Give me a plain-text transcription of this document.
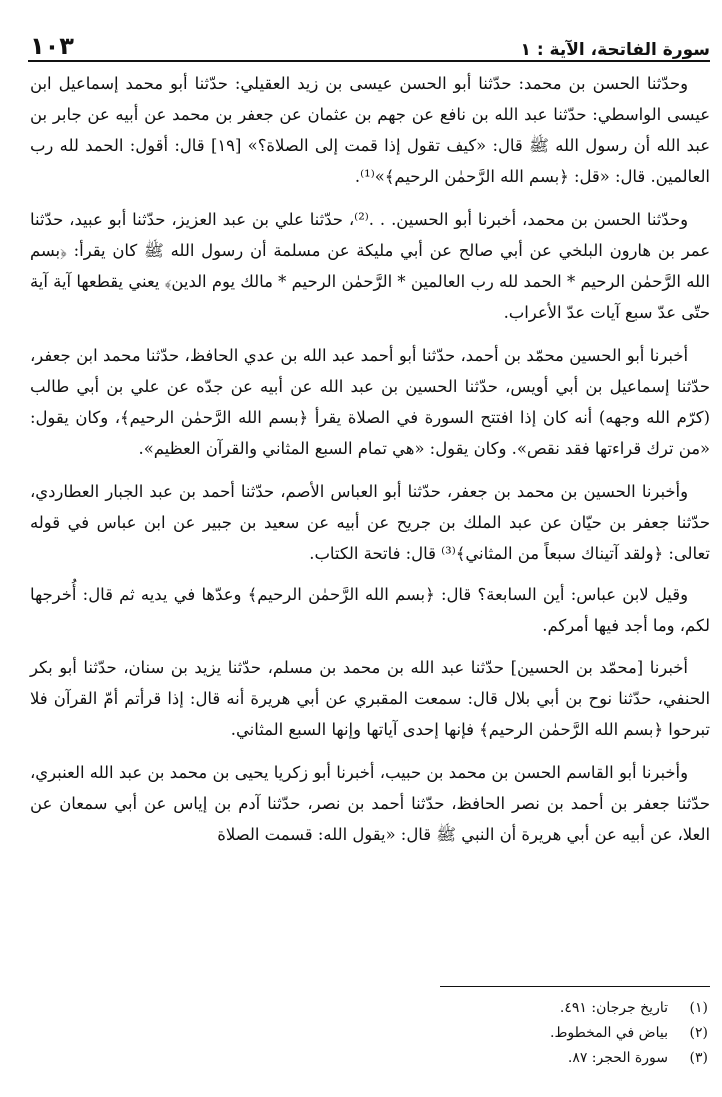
سورة الفاتحة، الآية : ١
١٠٣

وحدّثنا الحسن بن محمد: حدّثنا أبو الحسن عيسى بن زيد العقيلي: حدّثنا أبو محمد إسماعيل ابن عيسى الواسطي: حدّثنا عبد الله بن نافع عن جهم بن عثمان عن جعفر بن محمد عن أبيه عن جابر بن عبد الله أن رسول الله ﷺ قال: «كيف تقول إذا قمت إلى الصلاة؟» [١٩] قال: أقول: الحمد لله رب العالمين. قال: «قل: ﴿بسم الله الرَّحمٰن الرحيم﴾»⁽¹⁾.

وحدّثنا الحسن بن محمد، أخبرنا أبو الحسين. . .⁽²⁾، حدّثنا علي بن عبد العزيز، حدّثنا أبو عبيد، حدّثنا عمر بن هارون البلخي عن أبي صالح عن أبي مليكة عن مسلمة أن رسول الله ﷺ كان يقرأ: ﴿بسم الله الرَّحمٰن الرحيم * الحمد لله رب العالمين * الرَّحمٰن الرحيم * مالك يوم الدين﴾ يعني يقطعها آية آية حتّى عدّ سبع آيات عدّ الأعراب.

أخبرنا أبو الحسين محمّد بن أحمد، حدّثنا أبو أحمد عبد الله بن عدي الحافظ، حدّثنا محمد ابن جعفر، حدّثنا إسماعيل بن أبي أويس، حدّثنا الحسين بن عبد الله عن أبيه عن جدّه عن علي بن أبي طالب (كرّم الله وجهه) أنه كان إذا افتتح السورة في الصلاة يقرأ ﴿بسم الله الرَّحمٰن الرحيم﴾، وكان يقول: «من ترك قراءتها فقد نقص». وكان يقول: «هي تمام السبع المثاني والقرآن العظيم».

وأخبرنا الحسين بن محمد بن جعفر، حدّثنا أبو العباس الأصم، حدّثنا أحمد بن عبد الجبار العطاردي، حدّثنا جعفر بن حيّان عن عبد الملك بن جريح عن أبيه عن سعيد بن جبير عن ابن عباس في قوله تعالى: ﴿ولقد آتيناك سبعاً من المثاني﴾⁽³⁾ قال: فاتحة الكتاب.

وقيل لابن عباس: أين السابعة؟ قال: ﴿بسم الله الرَّحمٰن الرحيم﴾ وعدّها في يديه ثم قال: أُخرجها لكم، وما أجد فيها أمركم.

أخبرنا [محمّد بن الحسين] حدّثنا عبد الله بن محمد بن مسلم، حدّثنا يزيد بن سنان، حدّثنا أبو بكر الحنفي، حدّثنا نوح بن أبي بلال قال: سمعت المقبري عن أبي هريرة أنه قال: إذا قرأتم أمّ القرآن فلا تبرحوا ﴿بسم الله الرَّحمٰن الرحيم﴾ فإنها إحدى آياتها وإنها السبع المثاني.

وأخبرنا أبو القاسم الحسن بن محمد بن حبيب، أخبرنا أبو زكريا يحيى بن محمد بن عبد الله العنبري، حدّثنا جعفر بن أحمد بن نصر الحافظ، حدّثنا أحمد بن نصر، حدّثنا آدم بن إياس عن أبي سمعان عن العلا، عن أبيه عن أبي هريرة أن النبي ﷺ قال: «يقول الله: قسمت الصلاة

(١)
تاريخ جرجان: ٤٩١.
(٢)
بياض في المخطوط.
(٣)
سورة الحجر: ٨٧.
